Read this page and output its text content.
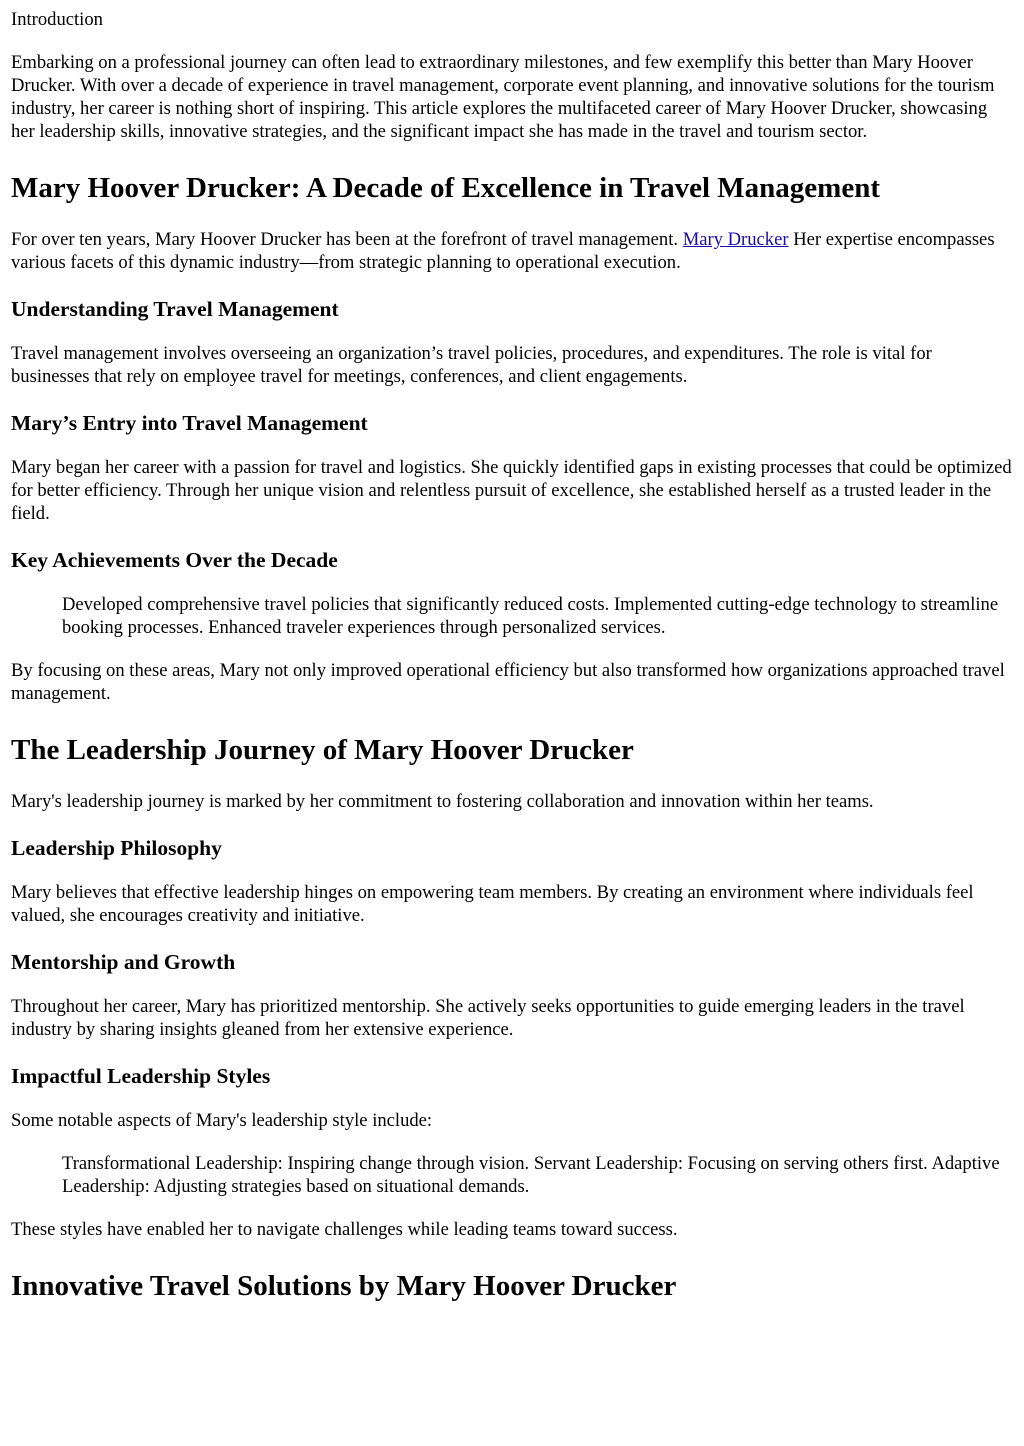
Introduction

Embarking on a professional journey can often lead to extraordinary milestones, and few exemplify this better than Mary Hoover Drucker. With over a decade of experience in travel management, corporate event planning, and innovative solutions for the tourism industry, her career is nothing short of inspiring. This article explores the multifaceted career of Mary Hoover Drucker, showcasing her leadership skills, innovative strategies, and the significant impact she has made in the travel and tourism sector.

Mary Hoover Drucker: A Decade of Excellence in Travel Management

For over ten years, Mary Hoover Drucker has been at the forefront of travel management. Mary Drucker Her expertise encompasses various facets of this dynamic industry—from strategic planning to operational execution.

Understanding Travel Management

Travel management involves overseeing an organization’s travel policies, procedures, and expenditures. The role is vital for businesses that rely on employee travel for meetings, conferences, and client engagements.

Mary’s Entry into Travel Management

Mary began her career with a passion for travel and logistics. She quickly identified gaps in existing processes that could be optimized for better efficiency. Through her unique vision and relentless pursuit of excellence, she established herself as a trusted leader in the field.

Key Achievements Over the Decade
Developed comprehensive travel policies that significantly reduced costs. Implemented cutting-edge technology to streamline booking processes. Enhanced traveler experiences through personalized services.

By focusing on these areas, Mary not only improved operational efficiency but also transformed how organizations approached travel management.

The Leadership Journey of Mary Hoover Drucker

Mary's leadership journey is marked by her commitment to fostering collaboration and innovation within her teams.

Leadership Philosophy

Mary believes that effective leadership hinges on empowering team members. By creating an environment where individuals feel valued, she encourages creativity and initiative.

Mentorship and Growth

Throughout her career, Mary has prioritized mentorship. She actively seeks opportunities to guide emerging leaders in the travel industry by sharing insights gleaned from her extensive experience.

Impactful Leadership Styles

Some notable aspects of Mary's leadership style include:

Transformational Leadership: Inspiring change through vision. Servant Leadership: Focusing on serving others first. Adaptive Leadership: Adjusting strategies based on situational demands.

These styles have enabled her to navigate challenges while leading teams toward success.

Innovative Travel Solutions by Mary Hoover Drucker
